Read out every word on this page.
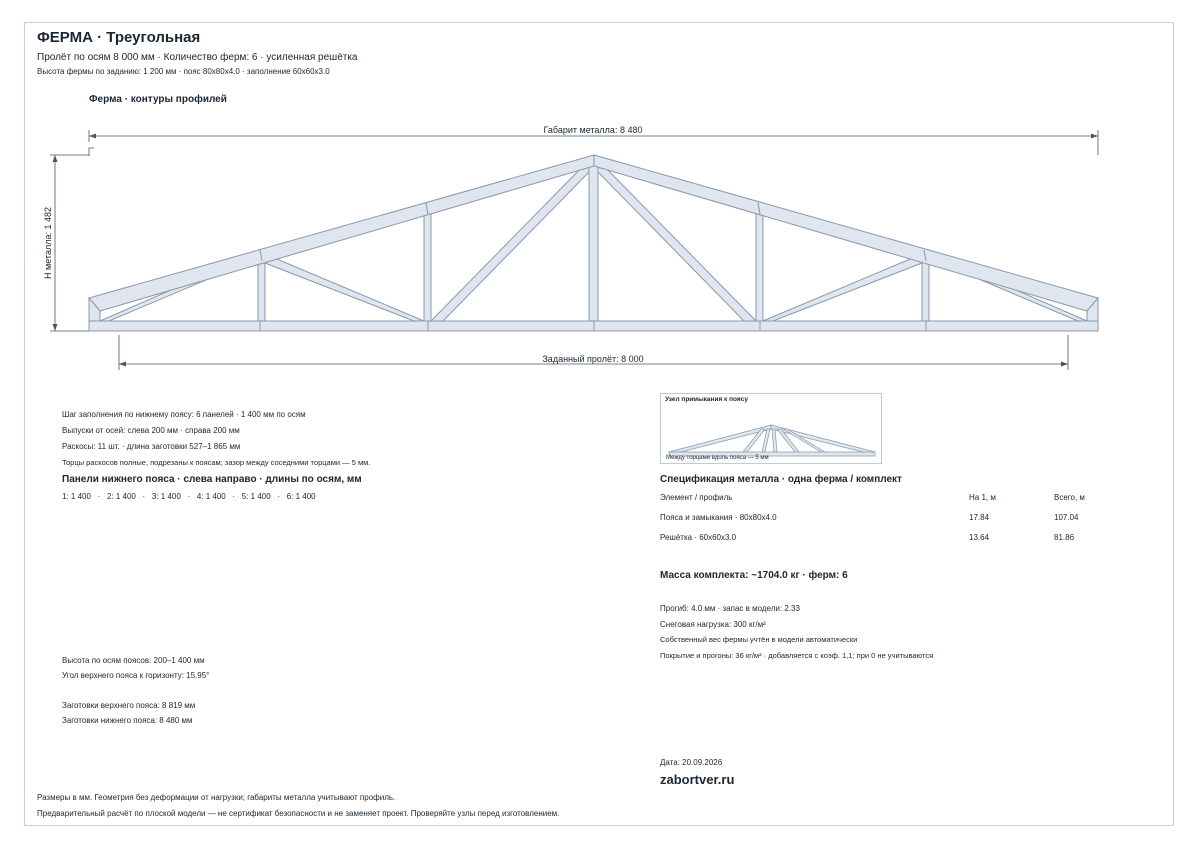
ФЕРМА · Треугольная
Пролёт по осям 8 000 мм · Количество ферм: 6 · усиленная решётка
Высота фермы по заданию: 1 200 мм · пояс 80x80x4.0 · заполнение 60x60x3.0
Ферма · контуры профилей
Габарит металла: 8 480
Заданный пролёт: 8 000
H металла: 1 482
Шаг заполнения по нижнему поясу: 6 панелей · 1 400 мм по осям
Выпуски от осей: слева 200 мм · справа 200 мм
Раскосы: 11 шт. · длина заготовки 527–1 865 мм
Торцы раскосов полные, подрезаны к поясам; зазор между соседними торцами — 5 мм.
Панели нижнего пояса · слева направо · длины по осям, мм
1: 1 400
·
2: 1 400
·
3: 1 400
·
4: 1 400
·
5: 1 400
·
6: 1 400
Высота по осям поясов: 200–1 400 мм
Угол верхнего пояса к горизонту: 15.95°
Заготовки верхнего пояса: 8 819 мм
Заготовки нижнего пояса: 8 480 мм
Узел примыкания к поясу
Между торцами вдоль пояса — 5 мм
Спецификация металла · одна ферма / комплект
Элемент / профиль	На 1, м	Всего, м
Пояса и замыкания · 80x80x4.0	17.84	107.04
Решётка · 60x60x3.0	13.64	81.86
Масса комплекта: ~1704.0 кг · ферм: 6
Прогиб: 4.0 мм · запас в модели: 2.33
Снеговая нагрузка: 300 кг/м²
Собственный вес фермы учтён в модели автоматически
Покрытие и прогоны: 36 кг/м² · добавляется с коэф. 1,1; при 0 не учитываются
Дата: 20.09.2026
zabortver.ru
Размеры в мм. Геометрия без деформации от нагрузки; габариты металла учитывают профиль.
Предварительный расчёт по плоской модели — не сертификат безопасности и не заменяет проект. Проверяйте узлы перед изготовлением.
